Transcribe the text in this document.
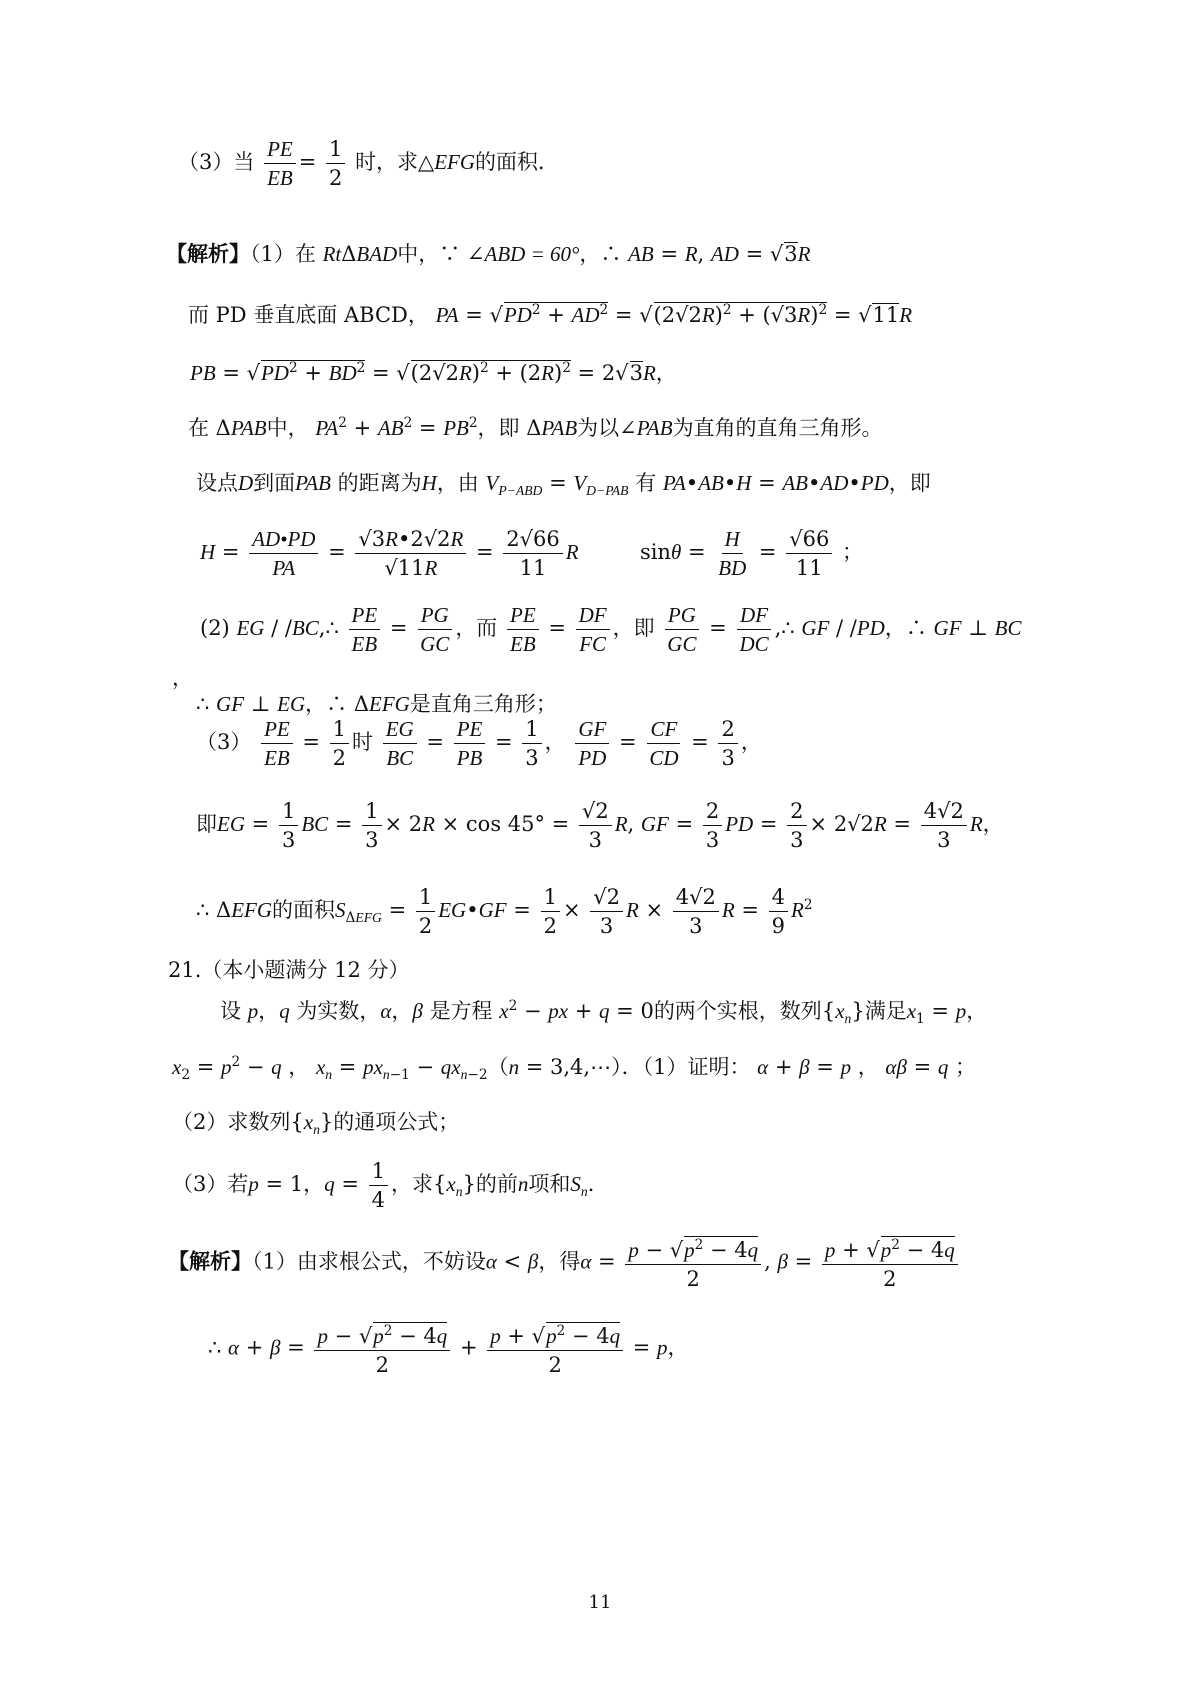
（3）当 $\frac{PE}{EB} = \frac{1}{2}$ 时，求△EFG的面积．
【解析】（1）在 RtΔBAD中，∵ ∠ABD = 60°，∴ AB = R, AD = √3R
而 PD 垂直底面 ABCD， PA = $√PD^2 + AD^2 = √(2√2R)^2 + (√3R)^2 = √11R$
PB = $√PD^2 + BD^2 = √(2√2R)^2 + (2R)^2 = 2√3R$，
在 ΔPAB中， $PA^2 + AB^2 = PB^2$，即 ΔPAB为以∠PAB为直角的直角三角形。
设点D到面PAB 的距离为H，由 $V_{P-ABD} = V_{D-PAB}$ 有 PA•AB•H = AB•AD•PD，即
$H = \frac{AD•PD}{PA} = \frac{√3R•2√2R}{√11R} = \frac{2√66}{11}$ R	$\sin\theta = \frac{H}{BD} = \frac{√66}{11}$ ；
(2) EG / /BC,∴ $\frac{PE}{EB} = \frac{PG}{GC}$ ，而 $\frac{PE}{EB} = \frac{DF}{FC}$ ，即 $\frac{PG}{GC} = \frac{DF}{DC}$ ,∴ GF / /PD，∴ GF ⊥ BC
，
∴ GF ⊥ EG，∴ ΔEFG是直角三角形；
$(3) \frac{PE}{EB} = \frac{1}{2}$ 时 $\frac{EG}{BC} = \frac{PE}{PB} = \frac{1}{3}$ ， $\frac{GF}{PD} = \frac{CF}{CD} = \frac{2}{3}$ ，
即EG = $\frac{1}{3}$ BC = $\frac{1}{3} \times 2R \times \cos 45^\circ = \frac{√2}{3} R$, GF = $\frac{2}{3}$ PD = $\frac{2}{3} \times 2√2R = \frac{4√2}{3}$ R，
∴ ΔEFG的面积$S_{\Delta EFG} = \frac{1}{2}$ EG•GF = $\frac{1}{2} \times \frac{√2}{3}$ $R \times \frac{4√2}{3}$ $R = \frac{4}{9} R^2$
21.（本小题满分 12 分）
设 p，q 为实数，α，β 是方程 $x^2$ − px + q = 0的两个实根，数列$\{x_n\}$满足$x_1 = p$，
$x_2 = p^2 - q$ ， $x_n = px_{n-1} - qx_{n-2}(n$ = 3,4,⋯）．（1）证明： α + β = p ， αβ = q ；
（2）求数列$\{x_n\}$的通项公式；
（3）若p = 1，$q = \frac{1}{4}$ ，求$\{x_n\}$的前n项和$S_n$．
【解析】（1）由求根公式，不妨设α < β，得$\alpha = \frac{p - √p^2 - 4q}{2}$ , $\beta = \frac{p + √p^2 - 4q}{2}$
∴ $\alpha + \beta = \frac{p - √p^2 - 4q}{2} + \frac{p + √p^2 - 4q}{2} = p$，
11
